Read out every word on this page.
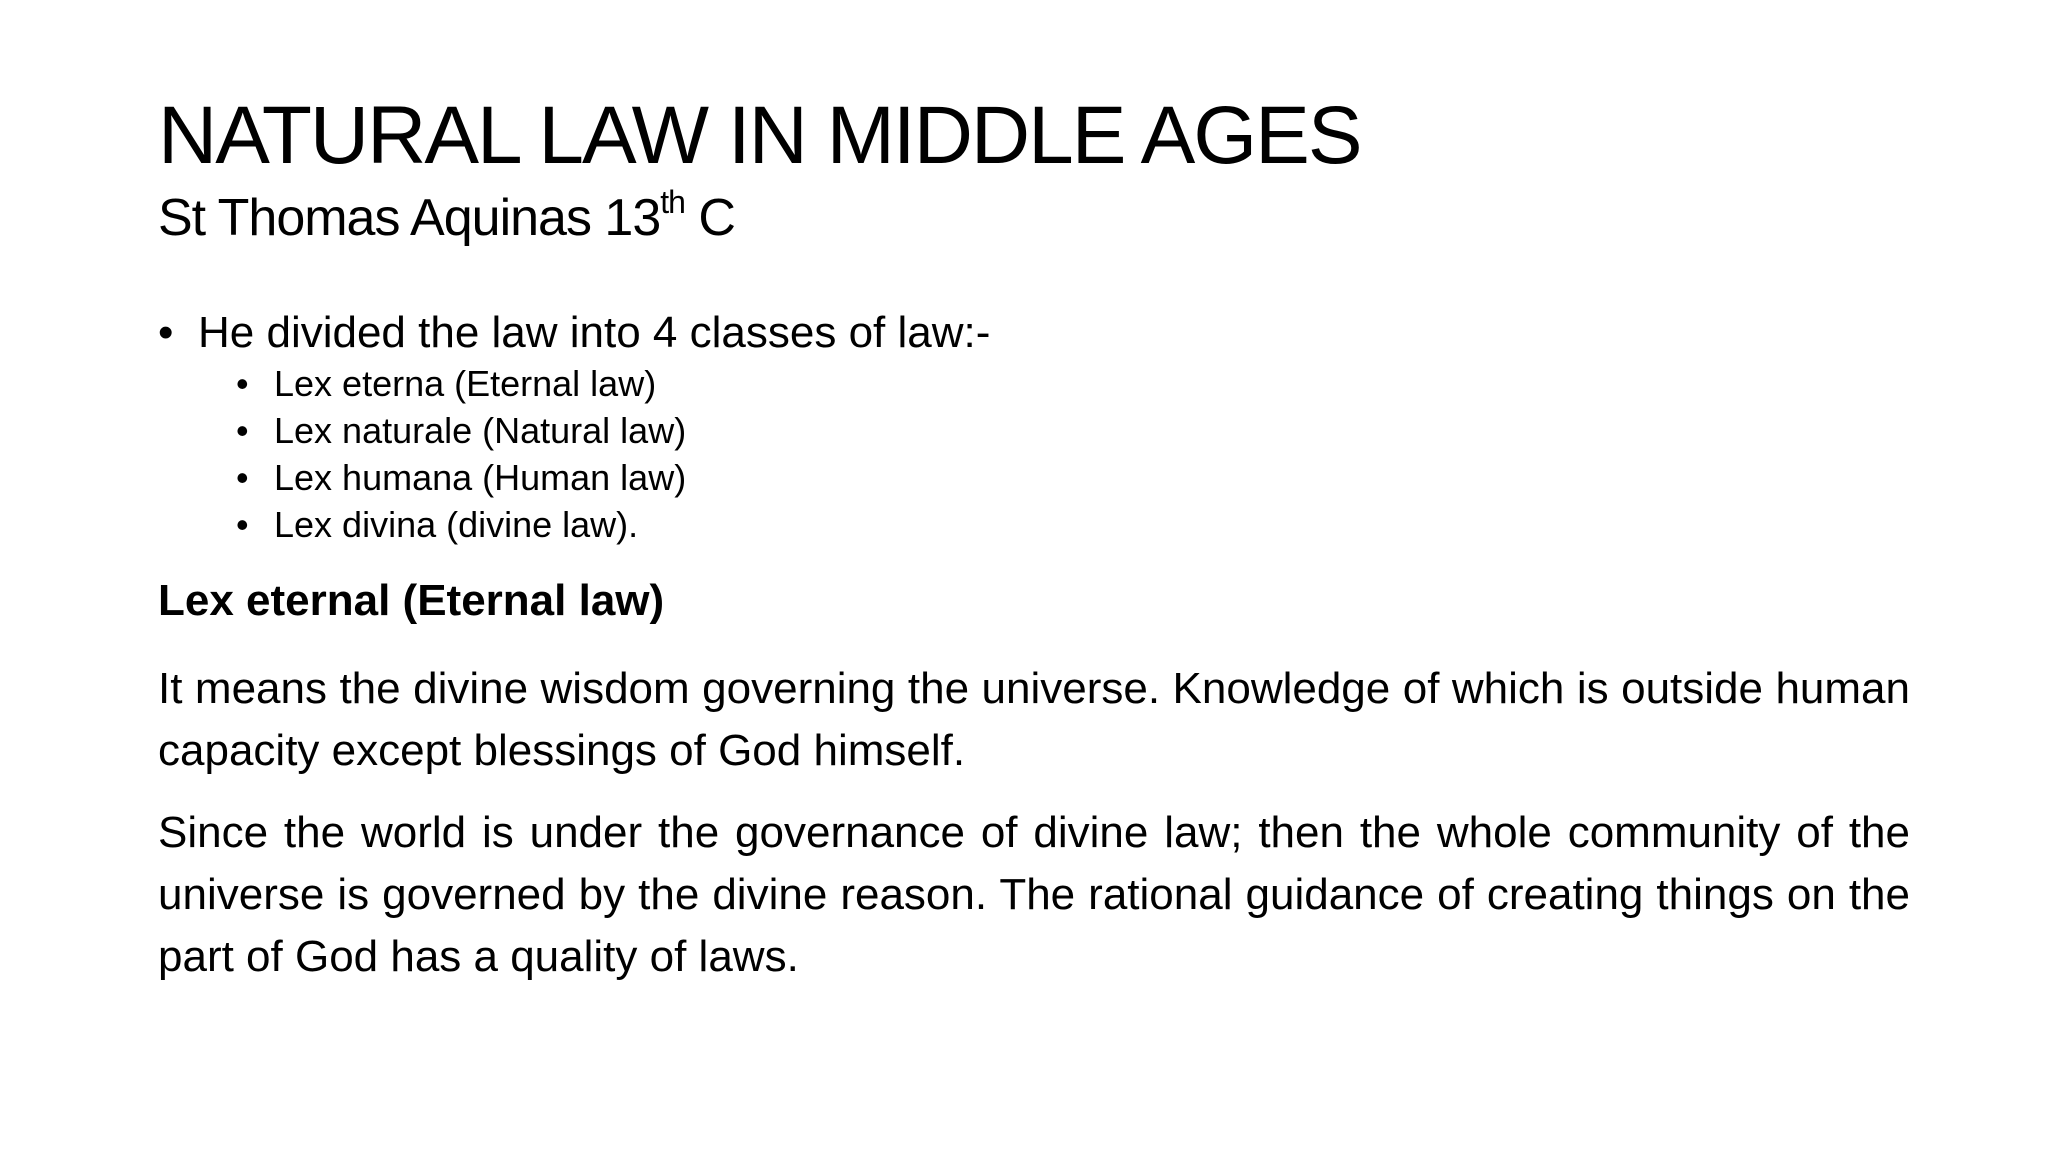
NATURAL LAW IN MIDDLE AGES
St Thomas Aquinas 13th C
• He divided the law into 4 classes of law:-
• Lex eterna (Eternal law)
• Lex naturale (Natural law)
• Lex humana (Human law)
• Lex divina (divine law).
Lex eternal (Eternal law)

It means the divine wisdom governing the universe. Knowledge of which is outside human capacity except blessings of God himself.

Since the world is under the governance of divine law; then the whole community of the universe is governed by the divine reason. The rational guidance of creating things on the part of God has a quality of laws.
